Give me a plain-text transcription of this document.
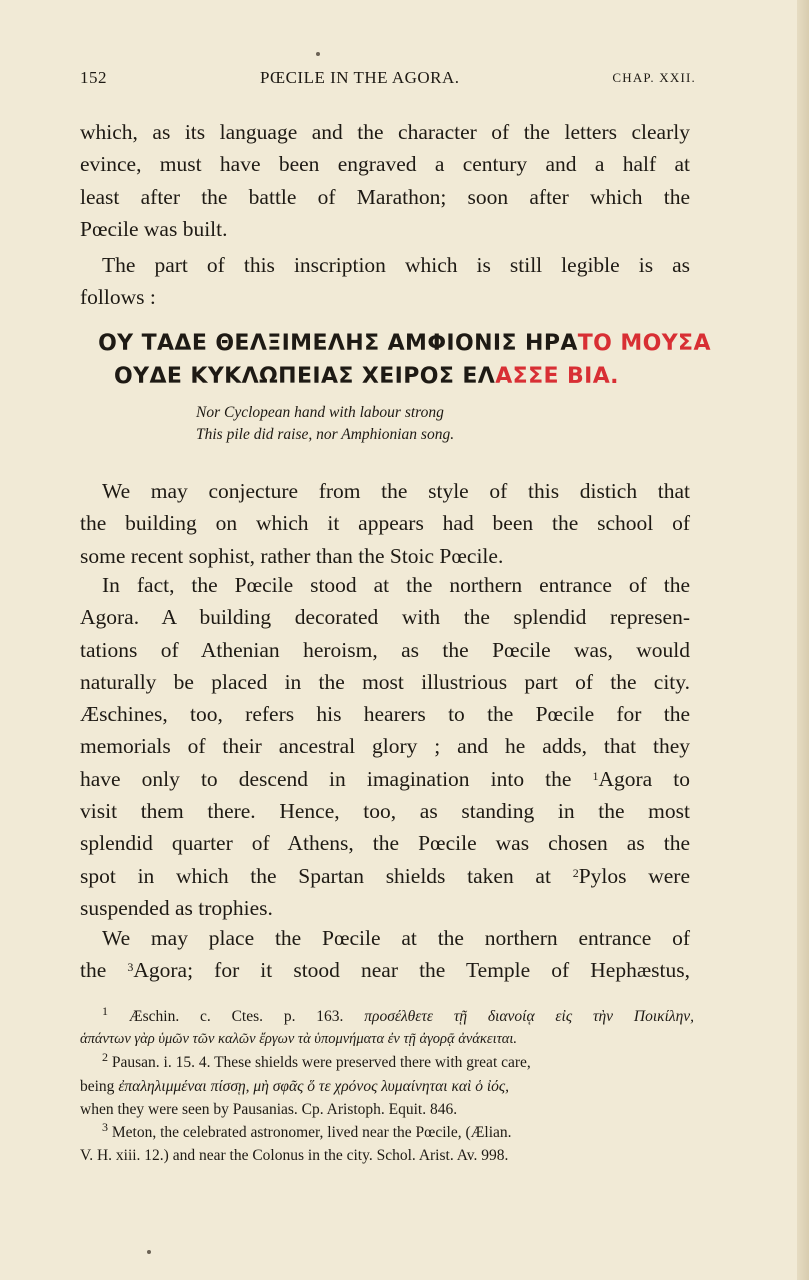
152	PŒCILE IN THE AGORA.	CHAP. XXII.

which, as its language and the character of the letters clearly
evince, must have been engraved a century and a half at
least after the battle of Marathon; soon after which the
Pœcile was built.

The part of this inscription which is still legible is as
follows :

ΟΥ ΤΑΔΕ ΘΕΛΞΙΜΕΛΗΣ ΑΜΦΙΟΝΙΣ ΗΡΑΤΟ ΜΟΥΣΑ
ΟΥΔΕ ΚΥΚΛΩΠΕΙΑΣ ΧΕΙΡΟΣ ΕΛΑΣΣΕ ΒΙΑ.
Nor Cyclopean hand with labour strong
This pile did raise, nor Amphionian song.

We may conjecture from the style of this distich that
the building on which it appears had been the school of
some recent sophist, rather than the Stoic Pœcile.

In fact, the Pœcile stood at the northern entrance of the
Agora. A building decorated with the splendid represen-
tations of Athenian heroism, as the Pœcile was, would
naturally be placed in the most illustrious part of the city.
Æschines, too, refers his hearers to the Pœcile for the
memorials of their ancestral glory ; and he adds, that they
have only to descend in imagination into the $^1$Agora to
visit them there. Hence, too, as standing in the most
splendid quarter of Athens, the Pœcile was chosen as the
spot in which the Spartan shields taken at $^2$Pylos were
suspended as trophies.

We may place the Pœcile at the northern entrance of
the $^3$Agora; for it stood near the Temple of Hephæstus,

$^1$ Æschin. c. Ctes. p. 163. προσέλθετε τῇ διανοίᾳ εἰς τὴν Ποικίλην,
ἁπάντων γὰρ ὑμῶν τῶν καλῶν ἔργων τὰ ὑπομνήματα ἐν τῇ ἀγορᾷ ἀνάκειται.
$^2$ Pausan. i. 15. 4. These shields were preserved there with great care,
being ἐπαληλιμμέναι πίσσῃ, μὴ σφᾶς ὅ τε χρόνος λυμαίνηται καὶ ὁ ἰός,
when they were seen by Pausanias. Cp. Aristoph. Equit. 846.
$^3$ Meton, the celebrated astronomer, lived near the Pœcile, (Ælian.
V. H. xiii. 12.) and near the Colonus in the city. Schol. Arist. Av. 998.
